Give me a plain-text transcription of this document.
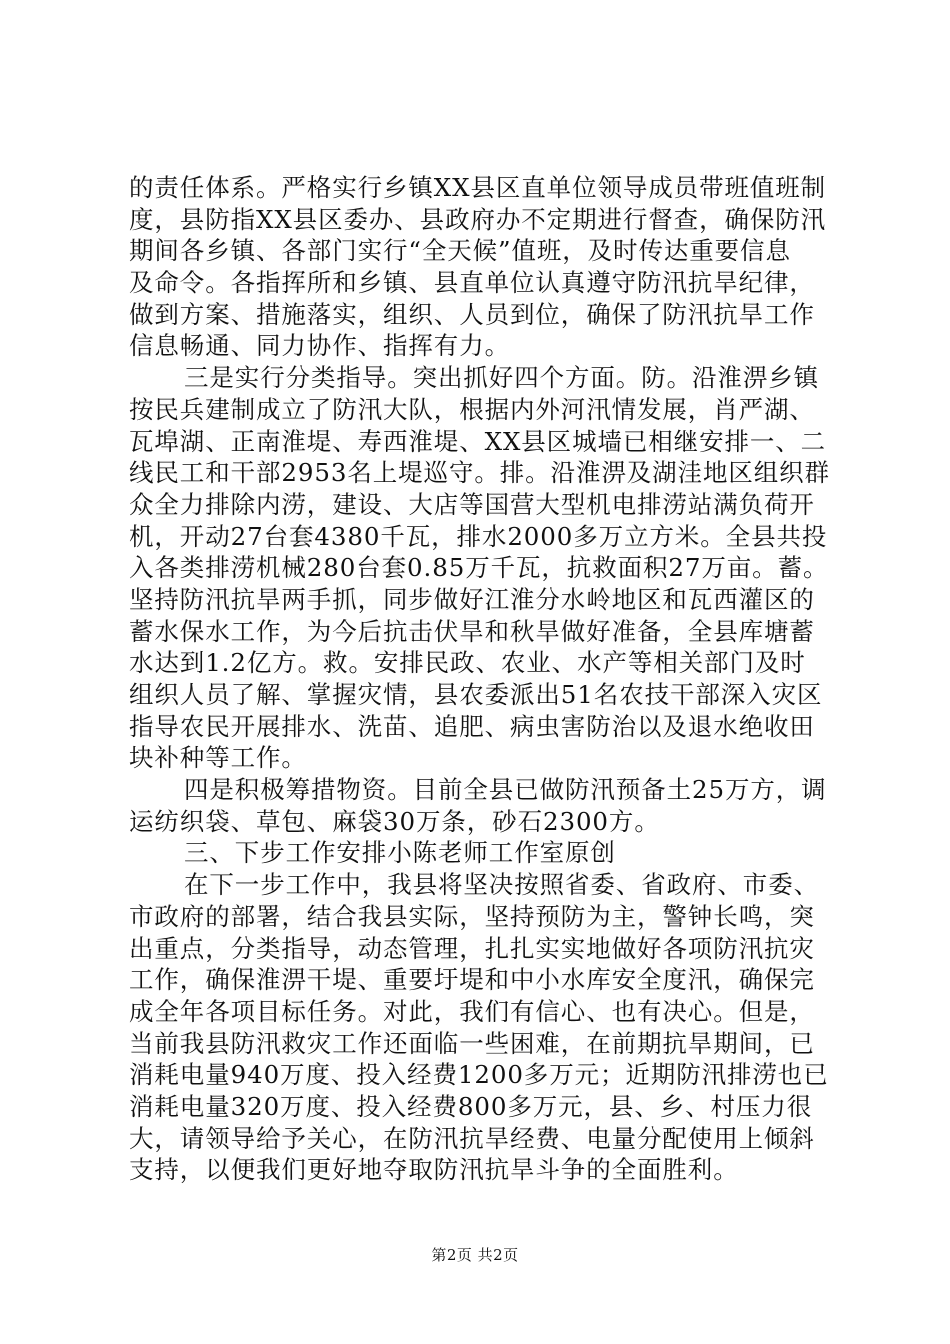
的责任体系。严格实行乡镇XX县区直单位领导成员带班值班制
度，县防指XX县区委办、县政府办不定期进行督查，确保防汛
期间各乡镇、各部门实行“全天候”值班，及时传达重要信息
及命令。各指挥所和乡镇、县直单位认真遵守防汛抗旱纪律，
做到方案、措施落实，组织、人员到位，确保了防汛抗旱工作
信息畅通、同力协作、指挥有力。
三是实行分类指导。突出抓好四个方面。防。沿淮淠乡镇
按民兵建制成立了防汛大队，根据内外河汛情发展，肖严湖、
瓦埠湖、正南淮堤、寿西淮堤、XX县区城墙已相继安排一、二
线民工和干部2953名上堤巡守。排。沿淮淠及湖洼地区组织群
众全力排除内涝，建设、大店等国营大型机电排涝站满负荷开
机，开动27台套4380千瓦，排水2000多万立方米。全县共投
入各类排涝机械280台套0.85万千瓦，抗救面积27万亩。蓄。
坚持防汛抗旱两手抓，同步做好江淮分水岭地区和瓦西灌区的
蓄水保水工作，为今后抗击伏旱和秋旱做好准备，全县库塘蓄
水达到1.2亿方。救。安排民政、农业、水产等相关部门及时
组织人员了解、掌握灾情，县农委派出51名农技干部深入灾区
指导农民开展排水、洗苗、追肥、病虫害防治以及退水绝收田
块补种等工作。
四是积极筹措物资。目前全县已做防汛预备土25万方，调
运纺织袋、草包、麻袋30万条，砂石2300方。
三、下步工作安排小陈老师工作室原创
在下一步工作中，我县将坚决按照省委、省政府、市委、
市政府的部署，结合我县实际，坚持预防为主，警钟长鸣，突
出重点，分类指导，动态管理，扎扎实实地做好各项防汛抗灾
工作，确保淮淠干堤、重要圩堤和中小水库安全度汛，确保完
成全年各项目标任务。对此，我们有信心、也有决心。但是，
当前我县防汛救灾工作还面临一些困难，在前期抗旱期间，已
消耗电量940万度、投入经费1200多万元；近期防汛排涝也已
消耗电量320万度、投入经费800多万元，县、乡、村压力很
大，请领导给予关心，在防汛抗旱经费、电量分配使用上倾斜
支持，以便我们更好地夺取防汛抗旱斗争的全面胜利。
第2页 共2页
